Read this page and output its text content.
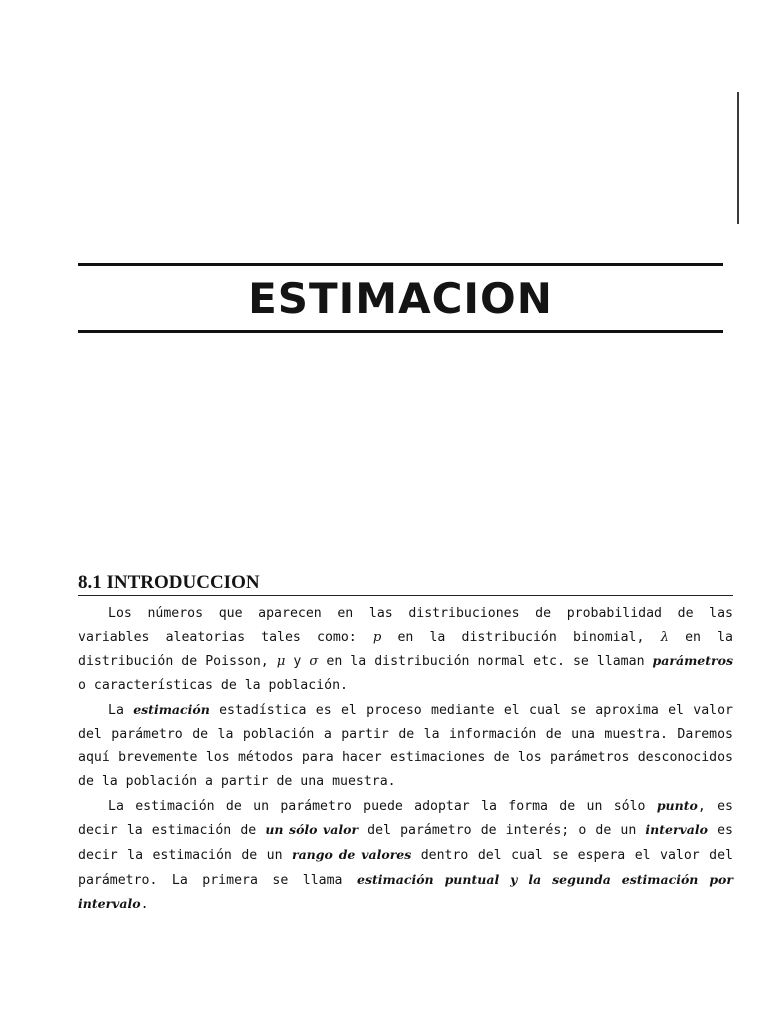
ESTIMACION
8.1 INTRODUCCION

Los números que aparecen en las distribuciones de probabilidad de las variables aleatorias tales como: p en la distribución binomial, λ en la distribución de Poisson, μ y σ en la distribución normal etc. se llaman parámetros o características de la población.

La estimación estadística es el proceso mediante el cual se aproxima el valor del parámetro de la población a partir de la información de una muestra. Daremos aquí brevemente los métodos para hacer estimaciones de los parámetros desconocidos de la población a partir de una muestra.

La estimación de un parámetro puede adoptar la forma de un sólo punto, es decir la estimación de un sólo valor del parámetro de interés; o de un intervalo es decir la estimación de un rango de valores dentro del cual se espera el valor del parámetro. La primera se llama estimación puntual y la segunda estimación por intervalo.
